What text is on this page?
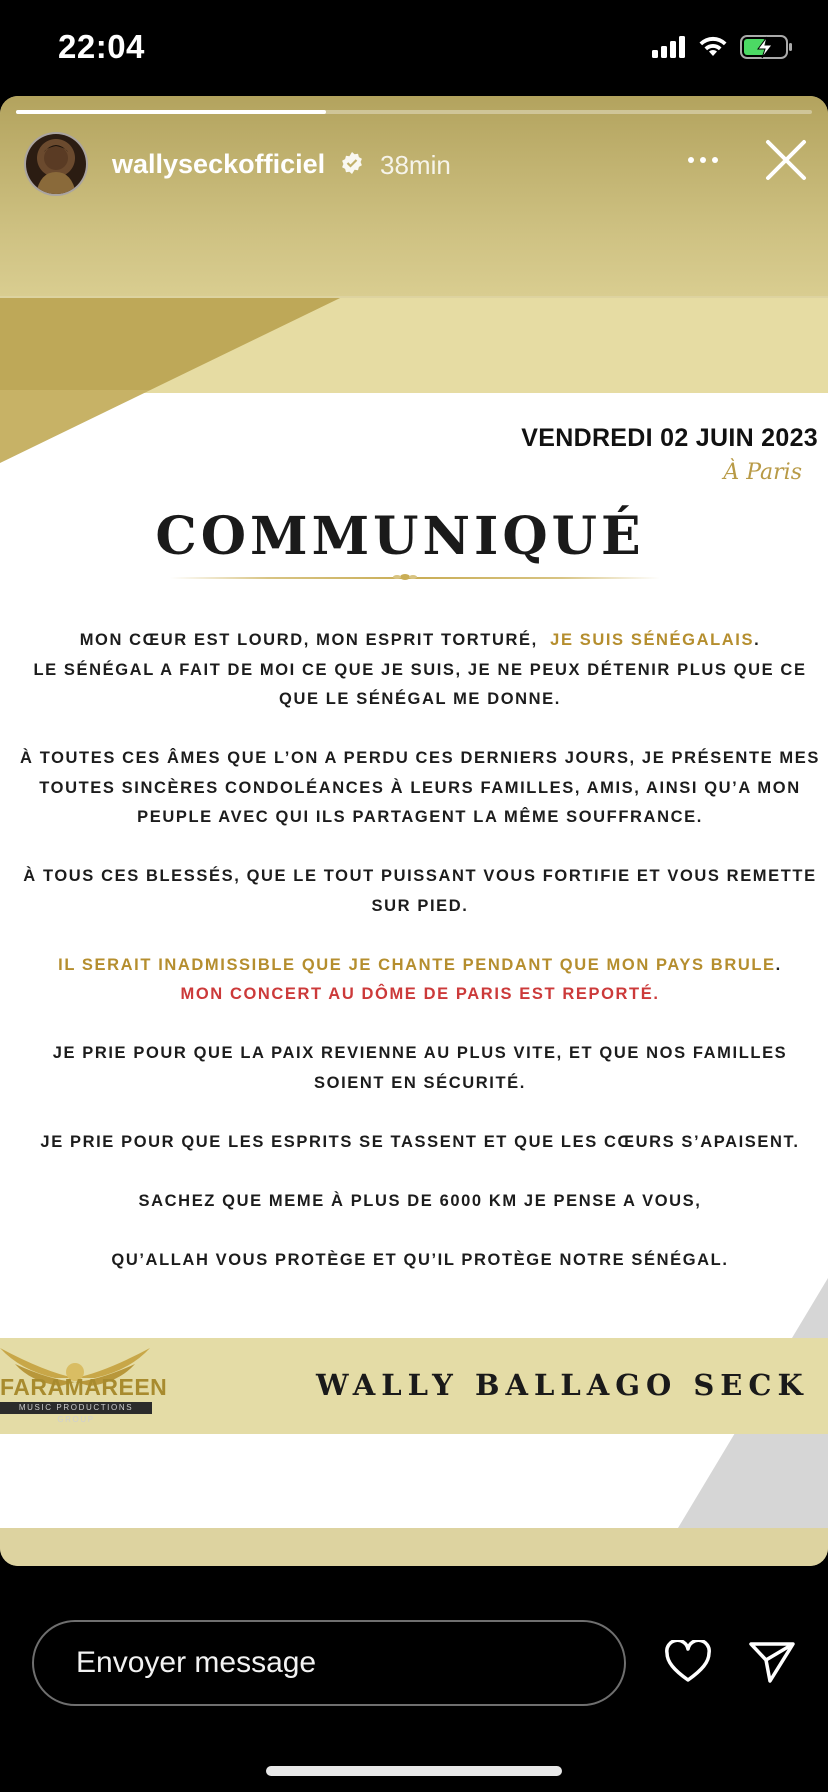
22:04
wallyseckofficiel 38min
VENDREDI 02 JUIN 2023
À Paris
COMMUNIQUÉ

MON CŒUR EST LOURD, MON ESPRIT TORTURÉ, JE SUIS SÉNÉGALAIS.
LE SÉNÉGAL A FAIT DE MOI CE QUE JE SUIS, JE NE PEUX DÉTENIR PLUS QUE CE QUE LE SÉNÉGAL ME DONNE.

À TOUTES CES ÂMES QUE L’ON A PERDU CES DERNIERS JOURS, JE PRÉSENTE MES TOUTES SINCÈRES CONDOLÉANCES À LEURS FAMILLES, AMIS, AINSI QU’A MON PEUPLE AVEC QUI ILS PARTAGENT LA MÊME SOUFFRANCE.

À TOUS CES BLESSÉS, QUE LE TOUT PUISSANT VOUS FORTIFIE ET VOUS REMETTE SUR PIED.

IL SERAIT INADMISSIBLE QUE JE CHANTE PENDANT QUE MON PAYS BRULE.
MON CONCERT AU DÔME DE PARIS EST REPORTÉ.

JE PRIE POUR QUE LA PAIX REVIENNE AU PLUS VITE, ET QUE NOS FAMILLES SOIENT EN SÉCURITÉ.

JE PRIE POUR QUE LES ESPRITS SE TASSENT ET QUE LES CŒURS S’APAISENT.

SACHEZ QUE MEME À PLUS DE 6000 KM JE PENSE A VOUS,

QU’ALLAH VOUS PROTÈGE ET QU’IL PROTÈGE NOTRE SÉNÉGAL.

FARAMAREEN
MUSIC PRODUCTIONS GROUP
WALLY BALLAGO SECK
Envoyer message
